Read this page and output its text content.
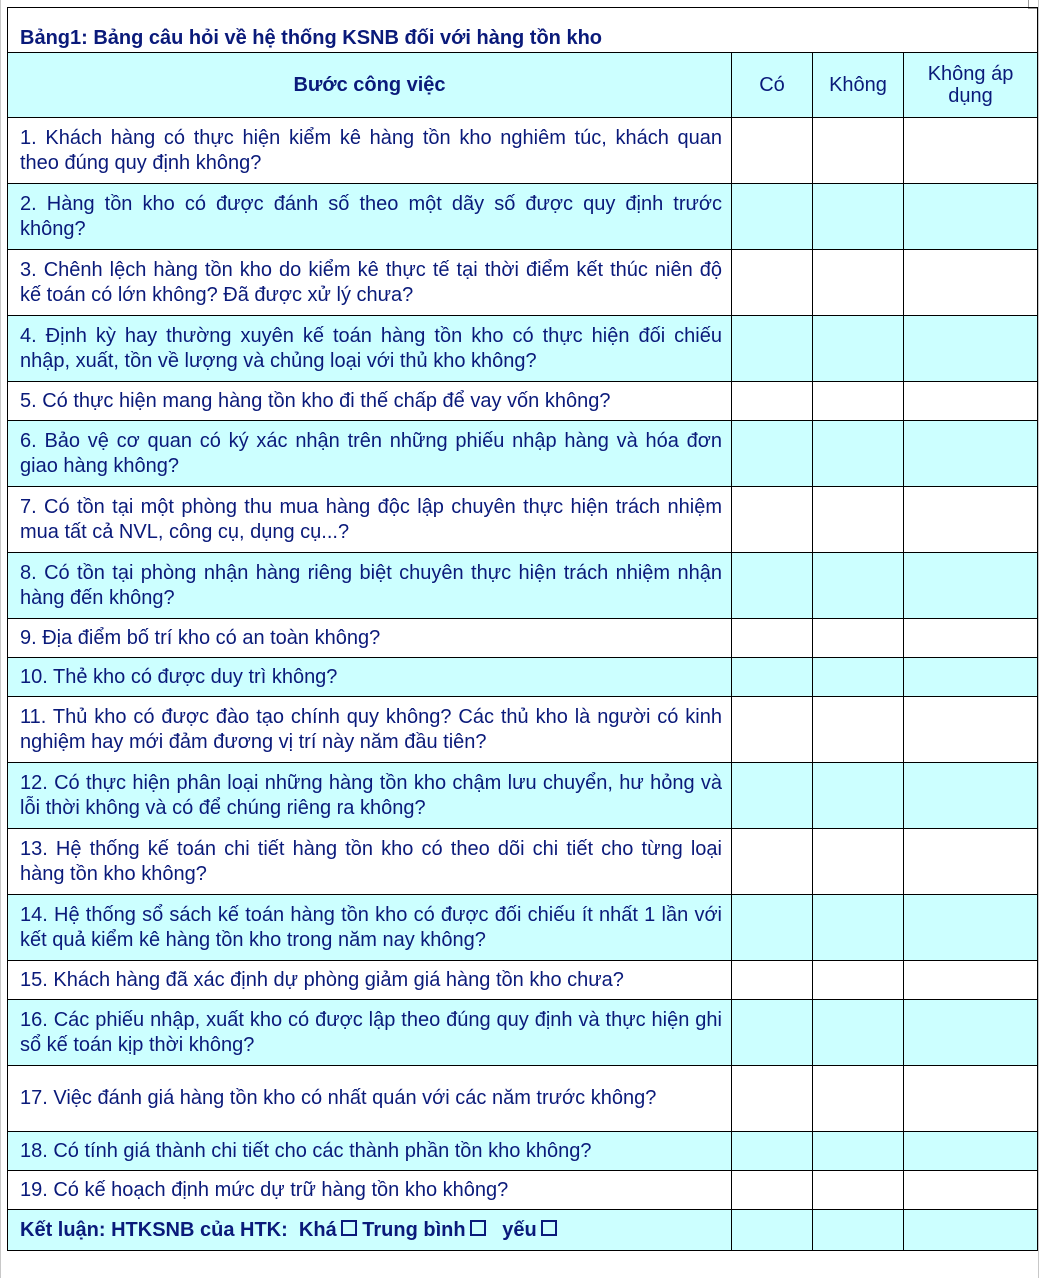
Bảng1: Bảng câu hỏi về hệ thống KSNB đối với hàng tồn kho			
Bước công việc	Có	Không	Không áp
dụng
1. Khách hàng có thực hiện kiểm kê hàng tồn kho nghiêm túc, khách quan theo đúng quy định không?			
2. Hàng tồn kho có được đánh số theo một dãy số được quy định trước không?			
3. Chênh lệch hàng tồn kho do kiểm kê thực tế tại thời điểm kết thúc niên độ kế toán có lớn không? Đã được xử lý chưa?			
4. Định kỳ hay thường xuyên kế toán hàng tồn kho có thực hiện đối chiếu nhập, xuất, tồn về lượng và chủng loại với thủ kho không?			
5. Có thực hiện mang hàng tồn kho đi thế chấp để vay vốn không?			
6. Bảo vệ cơ quan có ký xác nhận trên những phiếu nhập hàng và hóa đơn giao hàng không?			
7. Có tồn tại một phòng thu mua hàng độc lập chuyên thực hiện trách nhiệm mua tất cả NVL, công cụ, dụng cụ...?			
8. Có tồn tại phòng nhận hàng riêng biệt chuyên thực hiện trách nhiệm nhận hàng đến không?			
9. Địa điểm bố trí kho có an toàn không?			
10. Thẻ kho có được duy trì không?			
11. Thủ kho có được đào tạo chính quy không? Các thủ kho là người có kinh nghiệm hay mới đảm đương vị trí này năm đầu tiên?			
12. Có thực hiện phân loại những hàng tồn kho chậm lưu chuyển, hư hỏng và lỗi thời không và có để chúng riêng ra không?			
13. Hệ thống kế toán chi tiết hàng tồn kho có theo dõi chi tiết cho từng loại hàng tồn kho không?			
14. Hệ thống sổ sách kế toán hàng tồn kho có được đối chiếu ít nhất 1 lần với kết quả kiểm kê hàng tồn kho trong năm nay không?			
15. Khách hàng đã xác định dự phòng giảm giá hàng tồn kho chưa?			
16. Các phiếu nhập, xuất kho có được lập theo đúng quy định và thực hiện ghi sổ kế toán kịp thời không?			
17. Việc đánh giá hàng tồn kho có nhất quán với các năm trước không?			
18. Có tính giá thành chi tiết cho các thành phần tồn kho không?			
19. Có kế hoạch định mức dự trữ hàng tồn kho không?			
Kết luận: HTKSNB của HTK: Khá Trung bình yếu			
